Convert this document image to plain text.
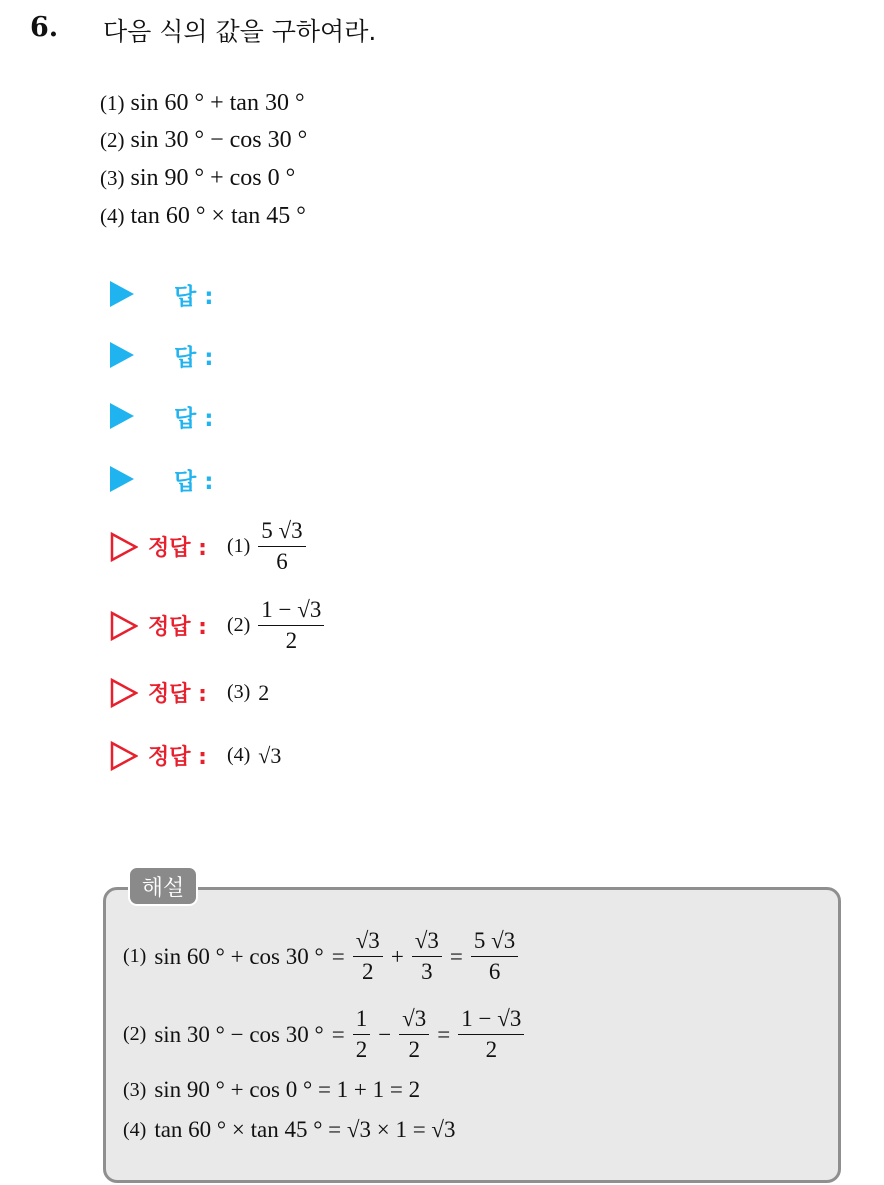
6. 다음 식의 값을 구하여라.
(1) sin 60 ° + tan 30 °
(2) sin 30 ° − cos 30 °
(3) sin 90 ° + cos 0 °
(4) tan 60 ° × tan 45 °
답 :
답 :
답 :
답 :
정답 : $(1) \frac{5 √3}{6}$
정답 : $(2) \frac{1 - √3}{2}$
정답 : (3) 2
정답 : (4) √3
해설
(1) sin 60 ° + cos 30 ° = $\frac{√3}{2} + \frac{√3}{3} = \frac{5 √3}{6}$
(2) sin 30 ° − cos 30 ° = $\frac{1}{2} - \frac{√3}{2} = \frac{1 - √3}{2}$
(3) sin 90 ° + cos 0 ° = 1 + 1 = 2
(4) tan 60 ° × tan 45 ° = √3 × 1 = √3
